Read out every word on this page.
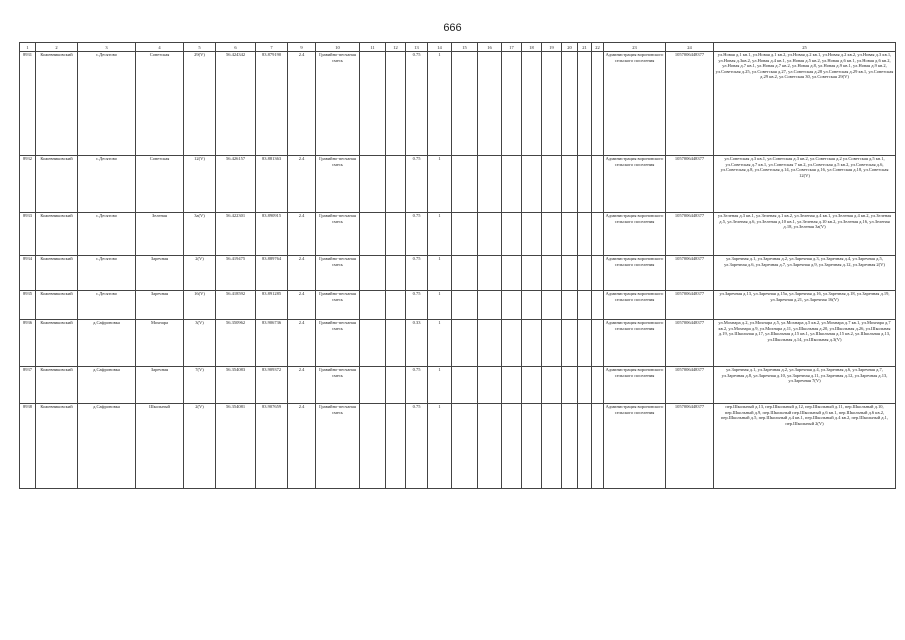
666
1	2	3	4	5	6	7	9	10	11	12	13	14	15	16	17	18	19	20	21	22	23	24	25
8931	Кожевниковский	с.Десятово	Советская	29(V)	56.424342	83.879190	2.4	Гравийно-песчаная смесь			0.75	1									Администрация вороновского сельского поселения	1057006448377	ул.Новая д.1 кв.1, ул.Новая д.1 кв.2, ул.Новая д.2 кв.1, ул.Новая д.2 кв.2, ул.Новая д.3 кв.1, ул.Новая д.3кв.2, ул.Новая д.4 кв.1, ул.Новая д.5 кв.2, ул.Новая д.6 кв.1, ул.Новая д.6 кв.2, ул.Новая д.7 кв.1, ул.Новая д.7 кв.2, ул.Новая д.8, ул.Новая д.9 кв.1, ул.Новая д.9 кв.2, ул.Советская д.25, ул.Советская д.27, ул.Советская д.28 ул.Советская д.29 кв.1, ул.Советская д.29 кв.2, ул.Советская 30, ул.Советская 29(V)
8932	Кожевниковский	с.Десятово	Советская	12(V)	56.426157	83.881363	2.4	Гравийно-песчаная смесь			0.75	1									Администрация вороновского сельского поселения	1057006448377	ул.Советская д.3 кв.1, ул.Советская д.3 кв.2, ул.Советская д.2 ул.Советская д.5 кв.1, ул.Советская д.7 кв.1, ул.Советская 7 кв.2, ул.Советская д.5 кв.2, ул.Советская д.6, ул.Советская д.8, ул.Советская д.14, ул.Советская д.16, ул.Советская д.18, ул.Советская 12(V)
8933	Кожевниковский	с.Десятово	Зеленая	3а(V)	56.422301	83.890915	2.4	Гравийно-песчаная смесь			0.75	1									Администрация вороновского сельского поселения	1057006448377	ул.Зеленая д.3 кв.1, ул.Зеленая д.1 кв.2, ул.Зеленая д.4 кв.1, ул.Зеленая д.4 кв.2, ул.Зеленая д.5, ул.Зеленая д.6, ул.Зеленая д.10 кв.1, ул.Зеленая д.10 кв.2, ул.Зеленая д.16, ул.Зеленая д.18, ул.Зеленая 3а(V)
8934	Кожевниковский	с.Десятово	Заречная	2(V)	56.419475	83.889764	2.4	Гравийно-песчаная смесь			0.75	1									Администрация вороновского сельского поселения	1057006448377	ул.Заречная д.1, ул.Заречная д.2, ул.Заречная д.3, ул.Заречная д.4, ул.Заречная д.5, ул.Заречная д.6, ул.Заречная д.7, ул.Заречная д.9, ул.Заречная д.12, ул.Заречная 2(V)
8935	Кожевниковский	с.Десятово	Заречная	16(V)	56.418592	83.891285	2.4	Гравийно-песчаная смесь			0.75	1									Администрация вороновского сельского поселения	1057006448377	ул.Заречная д.13, ул.Заречная д.15а, ул.Заречная д.16, ул.Заречная д.18, ул.Заречная д.19, ул.Заречная д.21, ул.Заречная 16(V)
8936	Кожевниковский	д.Сафроновка	Мохнара	3(V)	56.350962	83.906736	2.4	Гравийно-песчаная смесь			0.33	1									Администрация вороновского сельского поселения	1057006448377	ул.Мохнара д.2, ул.Мохнара д.5, ул.Мохнара д.5 кв.2, ул.Мохнара д.7 кв.1, ул.Мохнара д.7 кв.2, ул.Мохнара д.9, ул.Мохнара д.11, ул.Школьная д.20, ул.Школьная д.26, ул.Школьная д.19, ул.Школьная д.17, ул.Школьная д.15 кв.1, ул.Школьная д.15 кв.2, ул.Школьная д.13, ул.Школьная д.14, ул.Школьная д.3(V)
8937	Кожевниковский	д.Сафроновка	Заречная	7(V)	56.354083	83.909372	2.4	Гравийно-песчаная смесь			0.75	1									Администрация вороновского сельского поселения	1057006448377	ул.Заречная д.1, ул.Заречная д.2, ул.Заречная д.4, ул.Заречная д.6, ул.Заречная д.7, ул.Заречная д.8, ул.Заречная д.10, ул.Заречная д.11, ул.Заречная д.12, ул.Заречная д.13, ул.Заречная 7(V)
8938	Кожевниковский	д.Сафроновка	Школьный	2(V)	56.354081	83.907659	2.4	Гравийно-песчаная смесь			0.75	1									Администрация вороновского сельского поселения	1057006448377	пер.Школьный д.13, пер.Школьный д.12, пер.Школьный д.11, пер.Школьный д.10, пер.Школьный д.9, пер.Школьный пер.Школьный д.6 кв.1, пер.Школьный д.6 кв.2, пер.Школьный д.5, пер.Школьный д.4 кв.1, пер.Школьный д.4 кв.2, пер.Школьный д.1, пер.Школьный 2(V)
